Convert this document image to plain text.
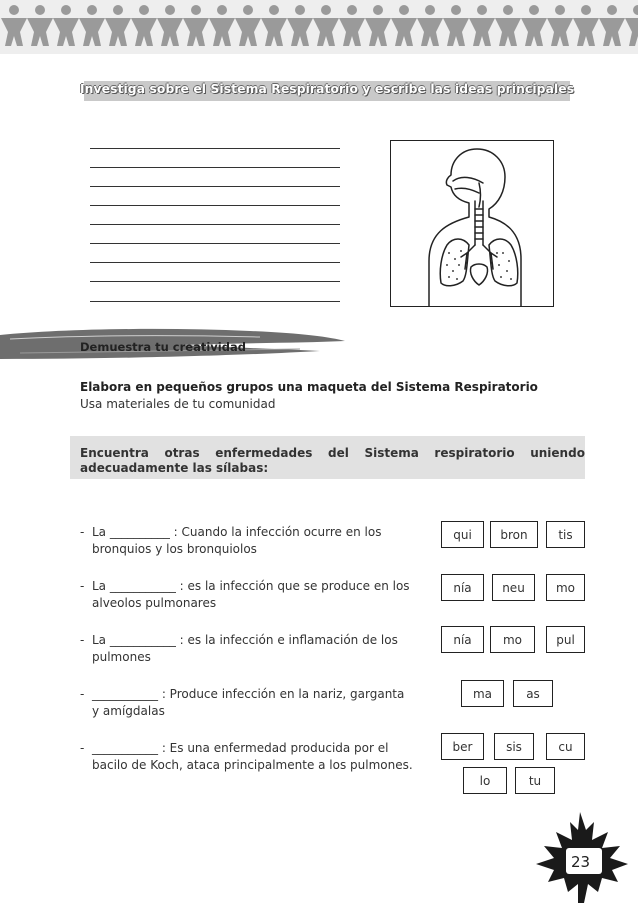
Investiga sobre el Sistema Respiratorio y escribe las ideas principales
Demuestra tu creatividad
Elabora en pequeños grupos una maqueta del Sistema Respiratorio
Usa materiales de tu comunidad
Encuentra otras enfermedades del Sistema respiratorio uniendo
adecuadamente las sílabas:
- La __________ : Cuando la infección ocurre en los
bronquios y los bronquiolos
- La ___________ : es la infección que se produce en los
alveolos pulmonares
- La ___________ : es la infección e inflamación de los
pulmones
- ___________ : Produce infección en la nariz, garganta
y amígdalas
- ___________ : Es una enfermedad producida por el
bacilo de Koch, ataca principalmente a los pulmones.
qui	bron	tis
nía	neu	mo
nía	mo	pul
ma	as
ber	sis	cu
lo	tu
23
